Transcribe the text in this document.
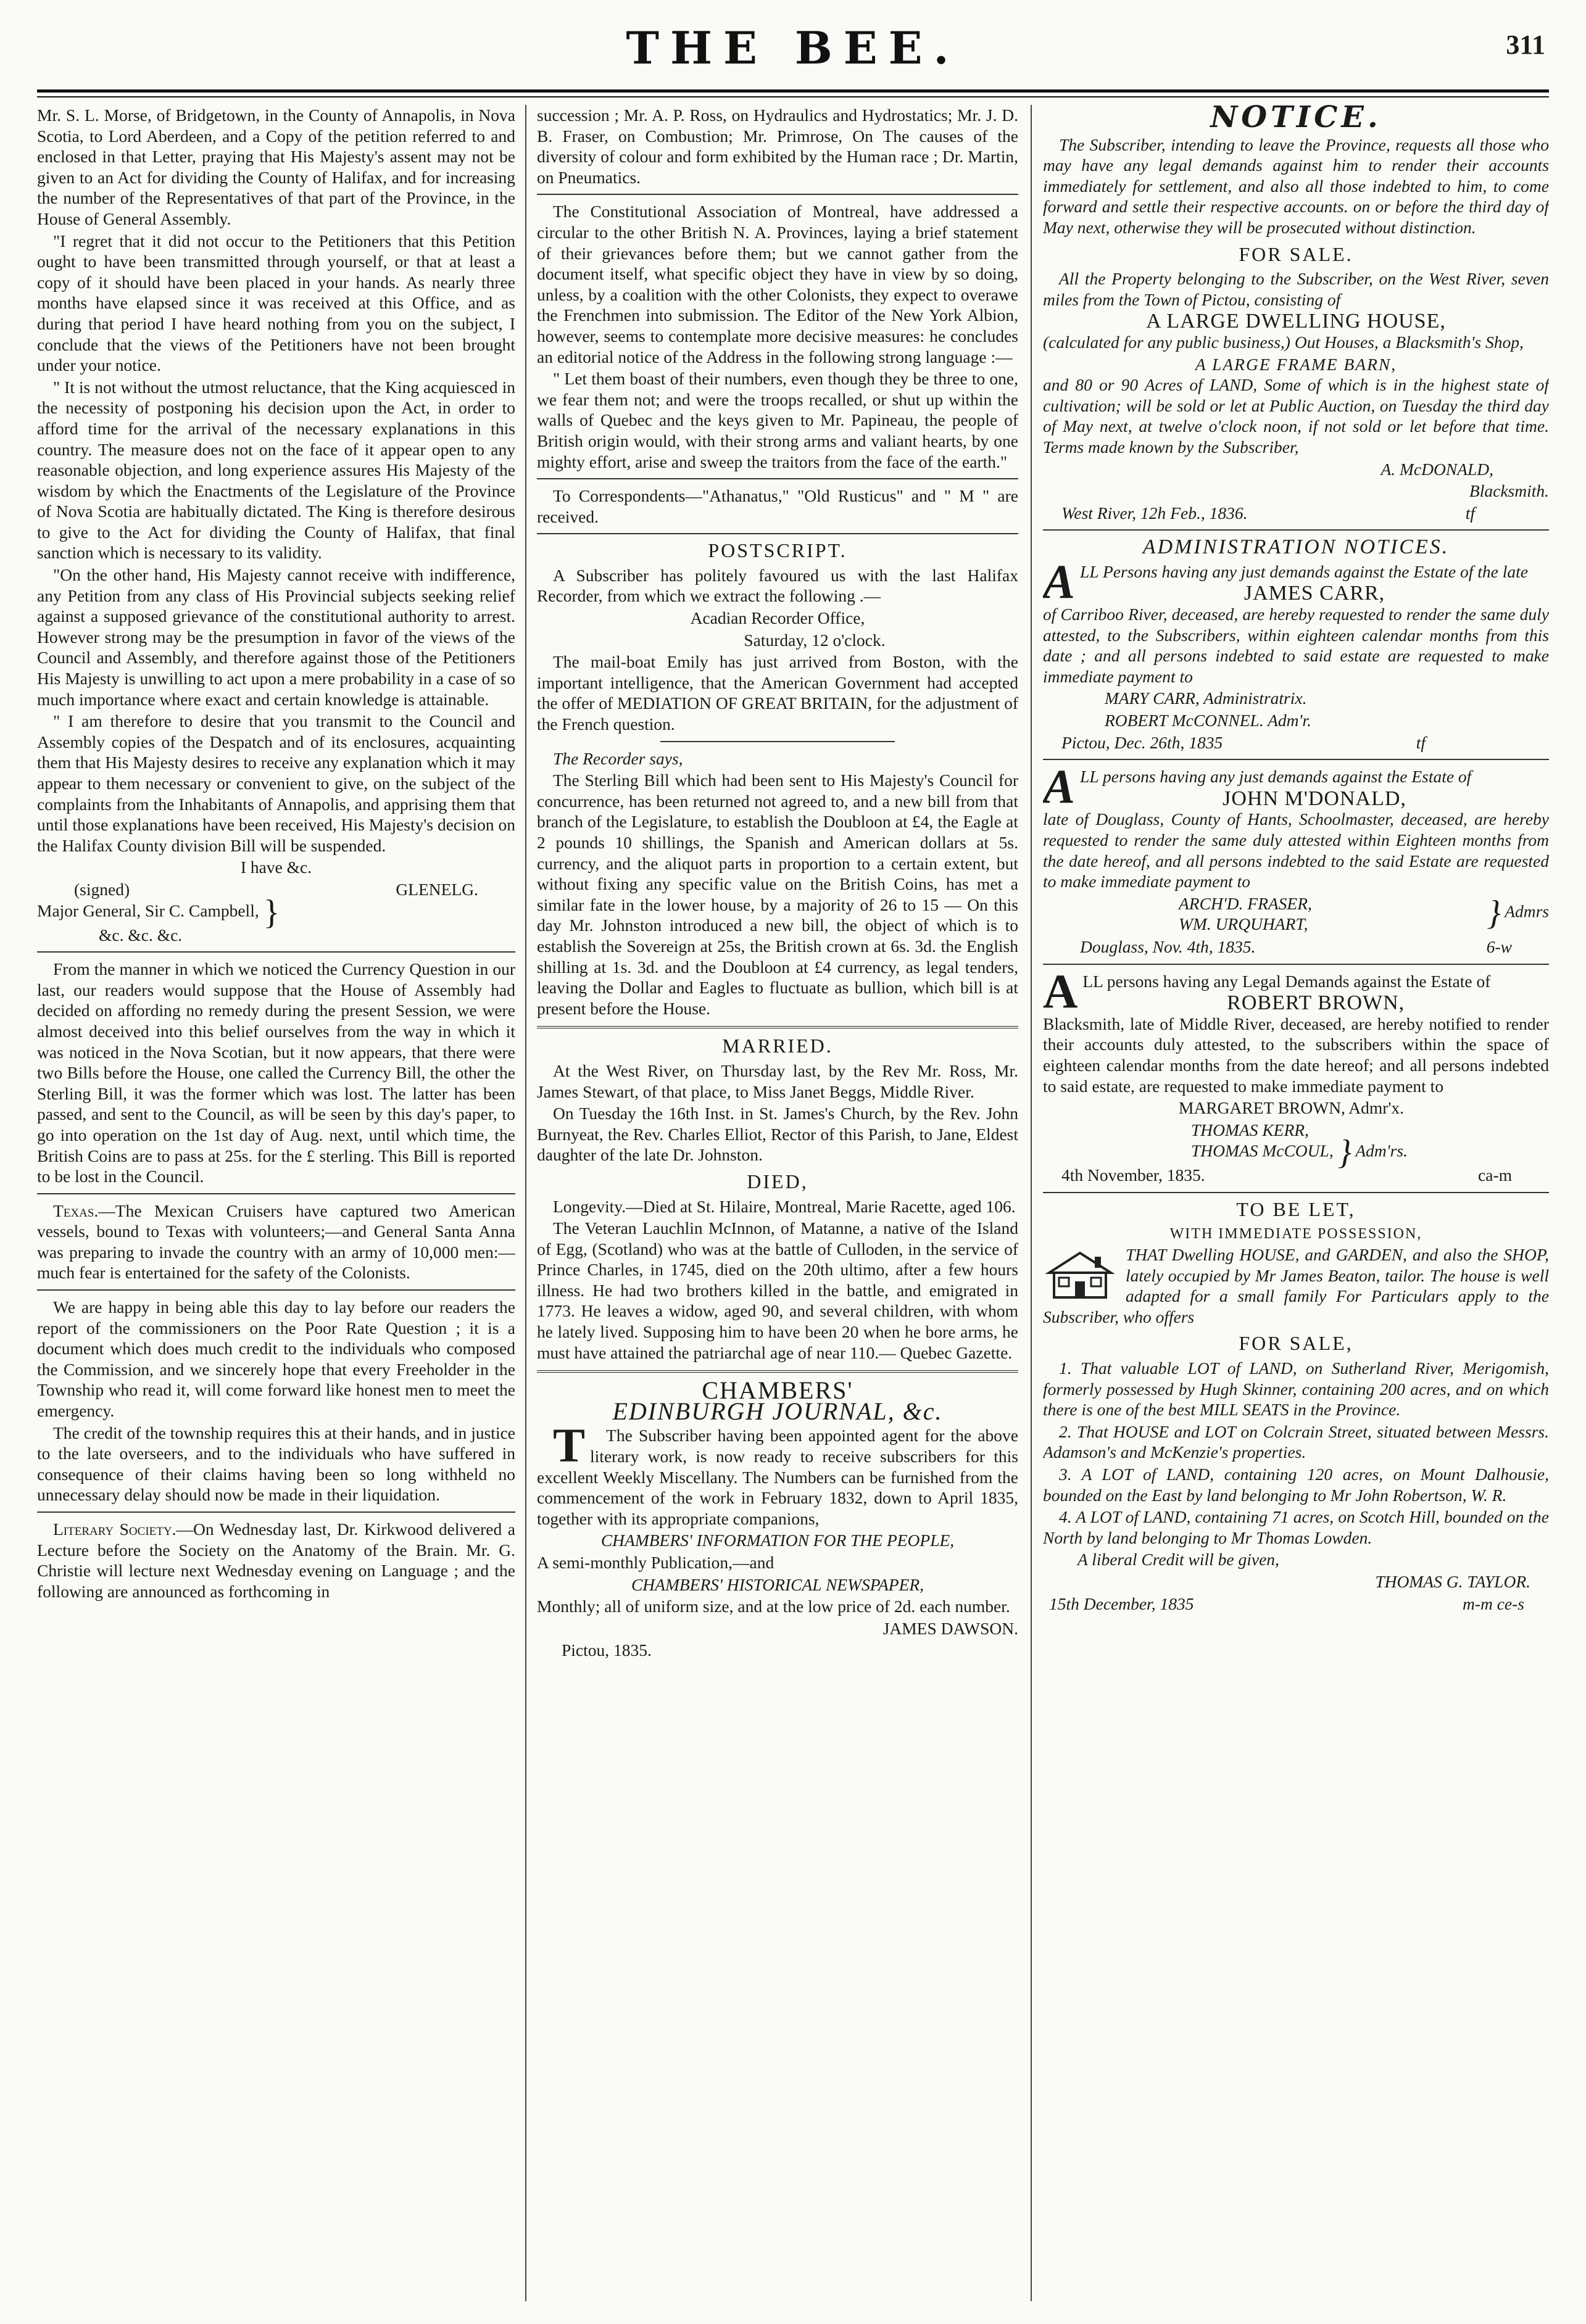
THE BEE.	311

Mr. S. L. Morse, of Bridgetown, in the County of Annapolis, in Nova Scotia, to Lord Aberdeen, and a Copy of the petition referred to and enclosed in that Letter, praying that His Majesty's assent may not be given to an Act for dividing the County of Halifax, and for increasing the number of the Representatives of that part of the Province, in the House of General Assembly.

"I regret that it did not occur to the Petitioners that this Petition ought to have been transmitted through yourself, or that at least a copy of it should have been placed in your hands. As nearly three months have elapsed since it was received at this Office, and as during that period I have heard nothing from you on the subject, I conclude that the views of the Petitioners have not been brought under your notice.

" It is not without the utmost reluctance, that the King acquiesced in the necessity of postponing his decision upon the Act, in order to afford time for the arrival of the necessary explanations in this country. The measure does not on the face of it appear open to any reasonable objection, and long experience assures His Majesty of the wisdom by which the Enactments of the Legislature of the Province of Nova Scotia are habitually dictated. The King is therefore desirous to give to the Act for dividing the County of Halifax, that final sanction which is necessary to its validity.

"On the other hand, His Majesty cannot receive with indifference, any Petition from any class of His Provincial subjects seeking relief against a supposed grievance of the constitutional authority to arrest. However strong may be the presumption in favor of the views of the Council and Assembly, and therefore against those of the Petitioners His Majesty is unwilling to act upon a mere probability in a case of so much importance where exact and certain knowledge is attainable.

" I am therefore to desire that you transmit to the Council and Assembly copies of the Despatch and of its enclosures, acquainting them that His Majesty desires to receive any explanation which it may appear to them necessary or convenient to give, on the subject of the complaints from the Inhabitants of Annapolis, and apprising them that until those explanations have been received, His Majesty's decision on the Halifax County division Bill will be suspended.

I have &c.

(signed)	GLENELG.
Major General, Sir C. Campbell, }

&c. &c. &c.

From the manner in which we noticed the Currency Question in our last, our readers would suppose that the House of Assembly had decided on affording no remedy during the present Session, we were almost deceived into this belief ourselves from the way in which it was noticed in the Nova Scotian, but it now appears, that there were two Bills before the House, one called the Currency Bill, the other the Sterling Bill, it was the former which was lost. The latter has been passed, and sent to the Council, as will be seen by this day's paper, to go into operation on the 1st day of Aug. next, until which time, the British Coins are to pass at 25s. for the £ sterling. This Bill is reported to be lost in the Council.

Texas.—The Mexican Cruisers have captured two American vessels, bound to Texas with volunteers;—and General Santa Anna was preparing to invade the country with an army of 10,000 men:—much fear is entertained for the safety of the Colonists.

We are happy in being able this day to lay before our readers the report of the commissioners on the Poor Rate Question ; it is a document which does much credit to the individuals who composed the Commission, and we sincerely hope that every Freeholder in the Township who read it, will come forward like honest men to meet the emergency.

The credit of the township requires this at their hands, and in justice to the late overseers, and to the individuals who have suffered in consequence of their claims having been so long withheld no unnecessary delay should now be made in their liquidation.

Literary Society.—On Wednesday last, Dr. Kirkwood delivered a Lecture before the Society on the Anatomy of the Brain. Mr. G. Christie will lecture next Wednesday evening on Language ; and the following are announced as forthcoming in

succession ; Mr. A. P. Ross, on Hydraulics and Hydrostatics; Mr. J. D. B. Fraser, on Combustion; Mr. Primrose, On The causes of the diversity of colour and form exhibited by the Human race ; Dr. Martin, on Pneumatics.

The Constitutional Association of Montreal, have addressed a circular to the other British N. A. Provinces, laying a brief statement of their grievances before them; but we cannot gather from the document itself, what specific object they have in view by so doing, unless, by a coalition with the other Colonists, they expect to overawe the Frenchmen into submission. The Editor of the New York Albion, however, seems to contemplate more decisive measures: he concludes an editorial notice of the Address in the following strong language :—

" Let them boast of their numbers, even though they be three to one, we fear them not; and were the troops recalled, or shut up within the walls of Quebec and the keys given to Mr. Papineau, the people of British origin would, with their strong arms and valiant hearts, by one mighty effort, arise and sweep the traitors from the face of the earth."

To Correspondents—"Athanatus," "Old Rusticus" and " M " are received.

POSTSCRIPT.

A Subscriber has politely favoured us with the last Halifax Recorder, from which we extract the following .—

Acadian Recorder Office,

Saturday, 12 o'clock.

The mail-boat Emily has just arrived from Boston, with the important intelligence, that the American Government had accepted the offer of MEDIATION OF GREAT BRITAIN, for the adjustment of the French question.

The Recorder says,

The Sterling Bill which had been sent to His Majesty's Council for concurrence, has been returned not agreed to, and a new bill from that branch of the Legislature, to establish the Doubloon at £4, the Eagle at 2 pounds 10 shillings, the Spanish and American dollars at 5s. currency, and the aliquot parts in proportion to a certain extent, but without fixing any specific value on the British Coins, has met a similar fate in the lower house, by a majority of 26 to 15 — On this day Mr. Johnston introduced a new bill, the object of which is to establish the Sovereign at 25s, the British crown at 6s. 3d. the English shilling at 1s. 3d. and the Doubloon at £4 currency, as legal tenders, leaving the Dollar and Eagles to fluctuate as bullion, which bill is at present before the House.

MARRIED.

At the West River, on Thursday last, by the Rev Mr. Ross, Mr. James Stewart, of that place, to Miss Janet Beggs, Middle River.

On Tuesday the 16th Inst. in St. James's Church, by the Rev. John Burnyeat, the Rev. Charles Elliot, Rector of this Parish, to Jane, Eldest daughter of the late Dr. Johnston.

DIED,

Longevity.—Died at St. Hilaire, Montreal, Marie Racette, aged 106.

The Veteran Lauchlin McInnon, of Matanne, a native of the Island of Egg, (Scotland) who was at the battle of Culloden, in the service of Prince Charles, in 1745, died on the 20th ultimo, after a few hours illness. He had two brothers killed in the battle, and emigrated in 1773. He leaves a widow, aged 90, and several children, with whom he lately lived. Supposing him to have been 20 when he bore arms, he must have attained the patriarchal age of near 110.— Quebec Gazette.

CHAMBERS'
EDINBURGH JOURNAL, &c.

T The Subscriber having been appointed agent for the above literary work, is now ready to receive subscribers for this excellent Weekly Miscellany. The Numbers can be furnished from the commencement of the work in February 1832, down to April 1835, together with its appropriate companions,

CHAMBERS' INFORMATION FOR THE PEOPLE,

A semi-monthly Publication,—and

CHAMBERS' HISTORICAL NEWSPAPER,

Monthly; all of uniform size, and at the low price of 2d. each number.

JAMES DAWSON.

Pictou, 1835.

NOTICE.

The Subscriber, intending to leave the Province, requests all those who may have any legal demands against him to render their accounts immediately for settlement, and also all those indebted to him, to come forward and settle their respective accounts. on or before the third day of May next, otherwise they will be prosecuted without distinction.

FOR SALE.

All the Property belonging to the Subscriber, on the West River, seven miles from the Town of Pictou, consisting of

A LARGE DWELLING HOUSE,

(calculated for any public business,) Out Houses, a Blacksmith's Shop,

A LARGE FRAME BARN,

and 80 or 90 Acres of LAND, Some of which is in the highest state of cultivation; will be sold or let at Public Auction, on Tuesday the third day of May next, at twelve o'clock noon, if not sold or let before that time. Terms made known by the Subscriber,

A. McDONALD,

Blacksmith.

West River, 12h Feb., 1836.	tf
ADMINISTRATION NOTICES.

ALL Persons having any just demands against the Estate of the late

JAMES CARR,

of Carriboo River, deceased, are hereby requested to render the same duly attested, to the Subscribers, within eighteen calendar months from this date ; and all persons indebted to said estate are requested to make immediate payment to

MARY CARR, Administratrix.

ROBERT McCONNEL. Adm'r.

Pictou, Dec. 26th, 1835	tf

ALL persons having any just demands against the Estate of

JOHN M'DONALD,

late of Douglass, County of Hants, Schoolmaster, deceased, are hereby requested to render the same duly attested within Eighteen months from the date hereof, and all persons indebted to the said Estate are requested to make immediate payment to

ARCH'D. FRASER,
WM. URQUHART,	} Admrs
Douglass, Nov. 4th, 1835.	6-w

ALL persons having any Legal Demands against the Estate of

ROBERT BROWN,

Blacksmith, late of Middle River, deceased, are hereby notified to render their accounts duly attested, to the subscribers within the space of eighteen calendar months from the date hereof; and all persons indebted to said estate, are requested to make immediate payment to

MARGARET BROWN, Admr'x.

THOMAS KERR,
THOMAS McCOUL, } Adm'rs.
4th November, 1835.	ca-m
TO BE LET,
WITH IMMEDIATE POSSESSION,

THAT Dwelling HOUSE, and GARDEN, and also the SHOP, lately occupied by Mr James Beaton, tailor. The house is well adapted for a small family For Particulars apply to the Subscriber, who offers

FOR SALE,

1. That valuable LOT of LAND, on Sutherland River, Merigomish, formerly possessed by Hugh Skinner, containing 200 acres, and on which there is one of the best MILL SEATS in the Province.

2. That HOUSE and LOT on Colcrain Street, situated between Messrs. Adamson's and McKenzie's properties.

3. A LOT of LAND, containing 120 acres, on Mount Dalhousie, bounded on the East by land belonging to Mr John Robertson, W. R.

4. A LOT of LAND, containing 71 acres, on Scotch Hill, bounded on the North by land belonging to Mr Thomas Lowden.

A liberal Credit will be given,

THOMAS G. TAYLOR.

15th December, 1835	m-m ce-s
